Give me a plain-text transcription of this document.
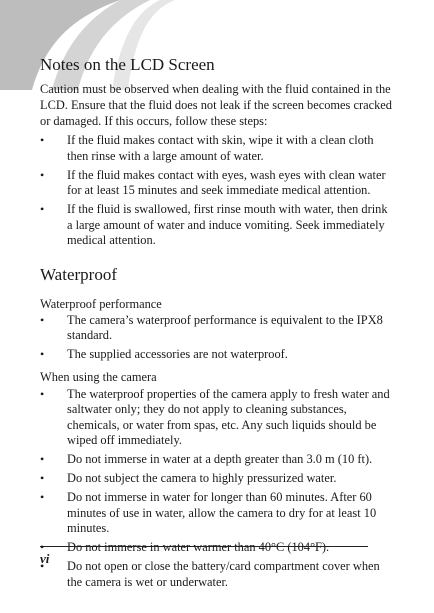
Notes on the LCD Screen

Caution must be observed when dealing with the fluid contained in the LCD. Ensure that the fluid does not leak if the screen becomes cracked or damaged. If this occurs, follow these steps:

• If the fluid makes contact with skin, wipe it with a clean cloth then rinse with a large amount of water.
• If the fluid makes contact with eyes, wash eyes with clean water for at least 15 minutes and seek immediate medical attention.
• If the fluid is swallowed, first rinse mouth with water, then drink a large amount of water and induce vomiting. Seek immediately medical attention.
Waterproof

Waterproof performance

• The camera’s waterproof performance is equivalent to the IPX8 standard.
• The supplied accessories are not waterproof.

When using the camera

• The waterproof properties of the camera apply to fresh water and saltwater only; they do not apply to cleaning substances, chemicals, or water from spas, etc. Any such liquids should be wiped off immediately.
• Do not immerse in water at a depth greater than 3.0 m (10 ft).
• Do not subject the camera to highly pressurized water.
• Do not immerse in water for longer than 60 minutes. After 60 minutes of use in water, allow the camera to dry for at least 10 minutes.
• Do not immerse in water warmer than 40°C (104°F).
• Do not open or close the battery/card compartment cover when the camera is wet or underwater.
vi
